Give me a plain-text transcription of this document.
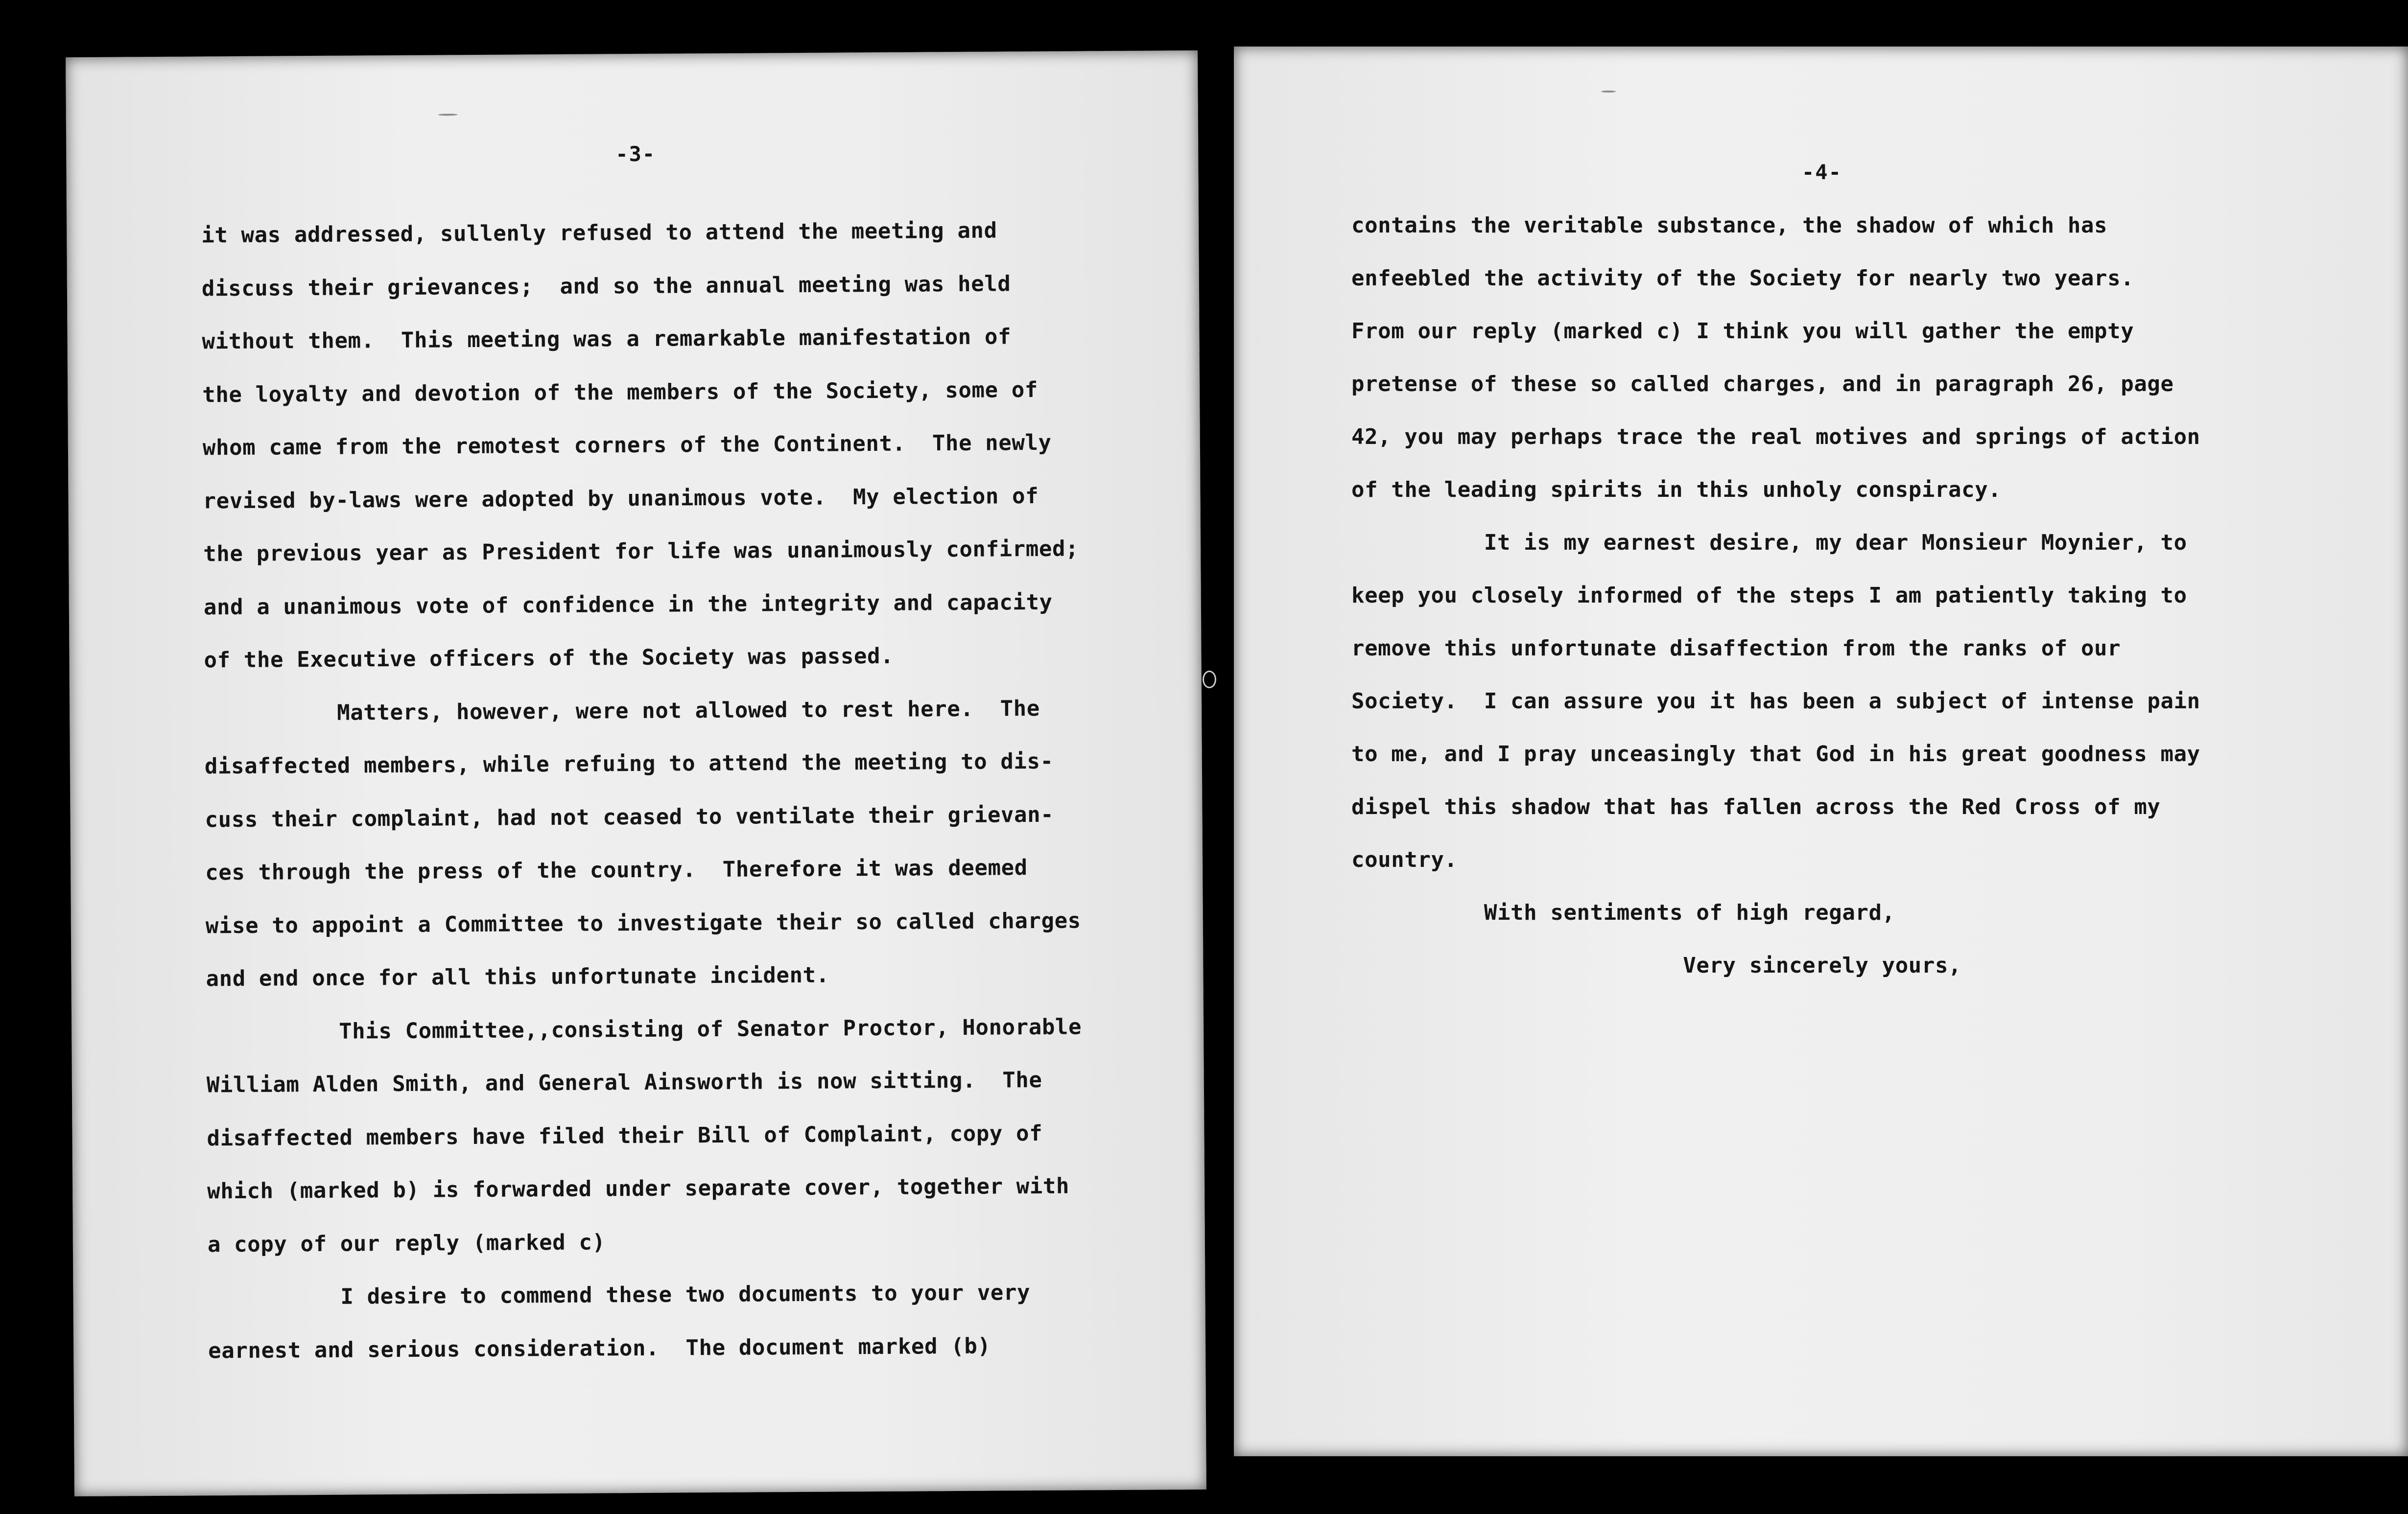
-3-
it was addressed, sullenly refused to attend the meeting and
discuss their grievances;  and so the annual meeting was held
without them.  This meeting was a remarkable manifestation of
the loyalty and devotion of the members of the Society, some of
whom came from the remotest corners of the Continent.  The newly
revised by-laws were adopted by unanimous vote.  My election of
the previous year as President for life was unanimously confirmed;
and a unanimous vote of confidence in the integrity and capacity
of the Executive officers of the Society was passed.
Matters, however, were not allowed to rest here.  The
disaffected members, while refuing to attend the meeting to dis-
cuss their complaint, had not ceased to ventilate their grievan-
ces through the press of the country.  Therefore it was deemed
wise to appoint a Committee to investigate their so called charges
and end once for all this unfortunate incident.
This Committee,,consisting of Senator Proctor, Honorable
William Alden Smith, and General Ainsworth is now sitting.  The
disaffected members have filed their Bill of Complaint, copy of
which (marked b) is forwarded under separate cover, together with
a copy of our reply (marked c)
I desire to commend these two documents to your very
earnest and serious consideration.  The document marked (b)
-4-
contains the veritable substance, the shadow of which has
enfeebled the activity of the Society for nearly two years.
From our reply (marked c) I think you will gather the empty
pretense of these so called charges, and in paragraph 26, page
42, you may perhaps trace the real motives and springs of action
of the leading spirits in this unholy conspiracy.
It is my earnest desire, my dear Monsieur Moynier, to
keep you closely informed of the steps I am patiently taking to
remove this unfortunate disaffection from the ranks of our
Society.  I can assure you it has been a subject of intense pain
to me, and I pray unceasingly that God in his great goodness may
dispel this shadow that has fallen across the Red Cross of my
country.
With sentiments of high regard,
Very sincerely yours,
